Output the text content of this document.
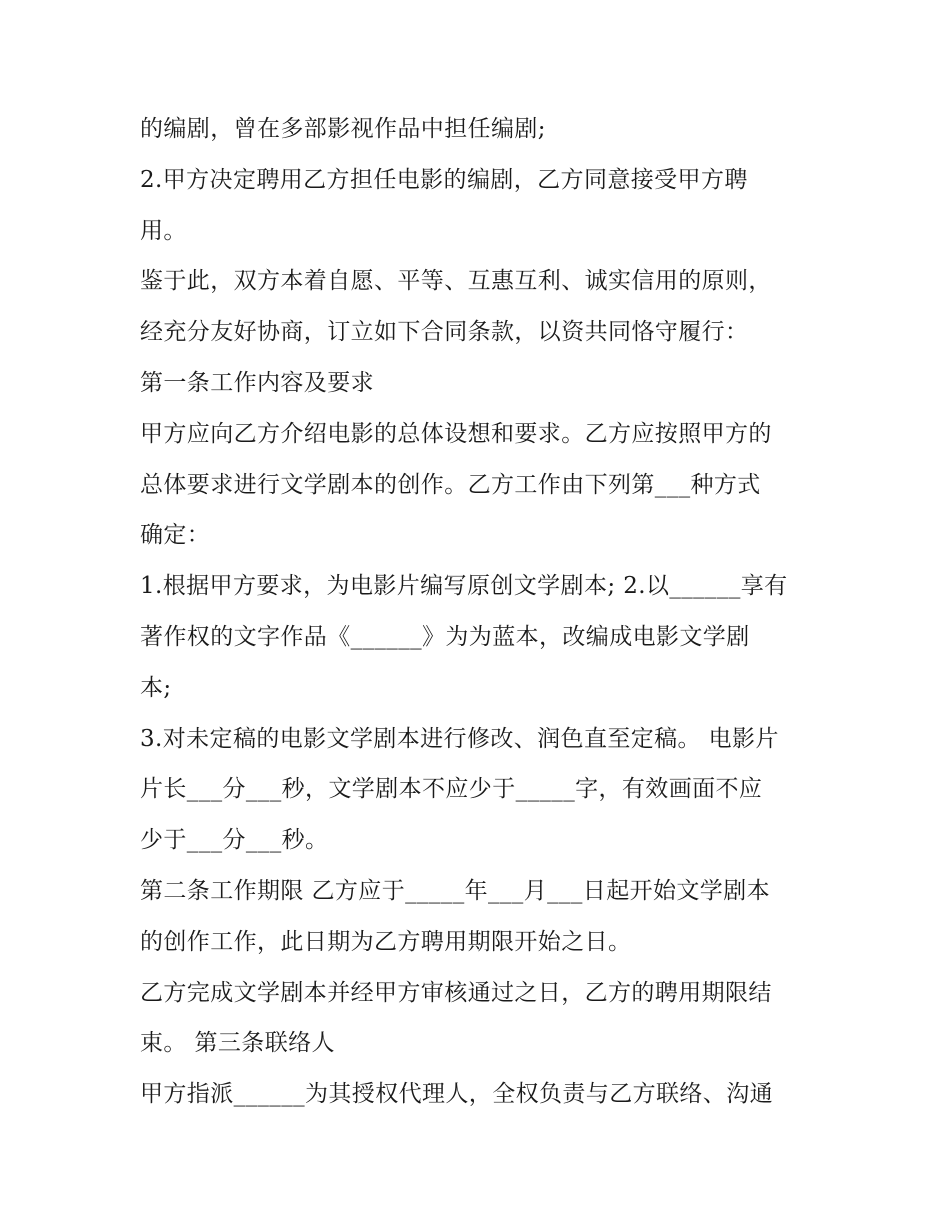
的编剧，曾在多部影视作品中担任编剧;
2.甲方决定聘用乙方担任电影的编剧，乙方同意接受甲方聘
用。
鉴于此，双方本着自愿、平等、互惠互利、诚实信用的原则，
经充分友好协商，订立如下合同条款，以资共同恪守履行：
第一条工作内容及要求
甲方应向乙方介绍电影的总体设想和要求。乙方应按照甲方的
总体要求进行文学剧本的创作。乙方工作由下列第___种方式
确定：
1.根据甲方要求，为电影片编写原创文学剧本; 2.以______享有
著作权的文字作品《______》为为蓝本，改编成电影文学剧
本;
3.对未定稿的电影文学剧本进行修改、润色直至定稿。 电影片
片长___分___秒，文学剧本不应少于_____字，有效画面不应
少于___分___秒。
第二条工作期限 乙方应于_____年___月___日起开始文学剧本
的创作工作，此日期为乙方聘用期限开始之日。
乙方完成文学剧本并经甲方审核通过之日，乙方的聘用期限结
束。 第三条联络人
甲方指派______为其授权代理人，全权负责与乙方联络、沟通
